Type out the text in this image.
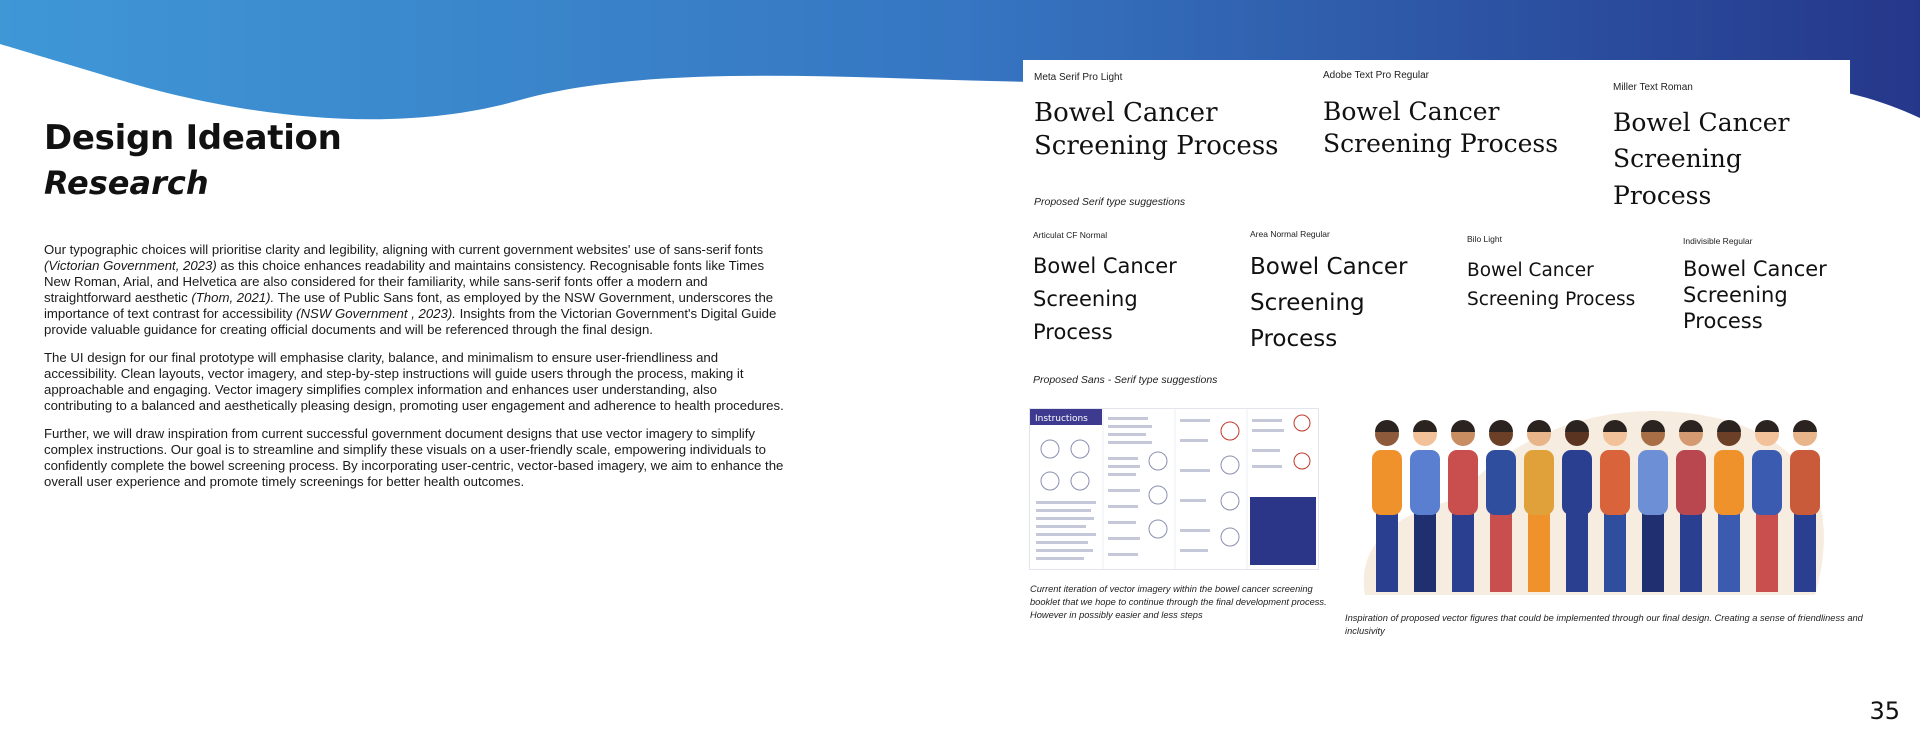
Design Ideation
Research

Our typographic choices will prioritise clarity and legibility, aligning with current government websites' use of sans-serif fonts (Victorian Government, 2023) as this choice enhances readability and maintains consistency. Recognisable fonts like Times New Roman, Arial, and Helvetica are also considered for their familiarity, while sans-serif fonts offer a modern and straightforward aesthetic (Thom, 2021). The use of Public Sans font, as employed by the NSW Government, underscores the importance of text contrast for accessibility (NSW Government , 2023). Insights from the Victorian Government's Digital Guide provide valuable guidance for creating official documents and will be referenced through the final design.

The UI design for our final prototype will emphasise clarity, balance, and minimalism to ensure user-friendliness and accessibility. Clean layouts, vector imagery, and step-by-step instructions will guide users through the process, making it approachable and engaging. Vector imagery simplifies complex information and enhances user understanding, also contributing to a balanced and aesthetically pleasing design, promoting user engagement and adherence to health procedures.

Further, we will draw inspiration from current successful government document designs that use vector imagery to simplify complex instructions. Our goal is to streamline and simplify these visuals on a user-friendly scale, empowering individuals to confidently complete the bowel screening process. By incorporating user-centric, vector-based imagery, we aim to enhance the overall user experience and promote timely screenings for better health outcomes.

Meta Serif Pro Light
Bowel Cancer Screening Process
Adobe Text Pro Regular
Bowel Cancer Screening Process
Miller Text Roman
Bowel Cancer Screening Process
Proposed Serif type suggestions
Articulat CF Normal
Bowel Cancer Screening Process
Area Normal Regular
Bowel Cancer Screening Process
Bilo Light
Bowel Cancer Screening Process
Indivisible Regular
Bowel Cancer Screening Process
Proposed Sans - Serif type suggestions
Instructions
Current iteration of vector imagery within the bowel cancer screening booklet that we hope to continue through the final development process. However in possibly easier and less steps	Inspiration of proposed vector figures that could be implemented through our final design. Creating a sense of friendliness and inclusivity
35
